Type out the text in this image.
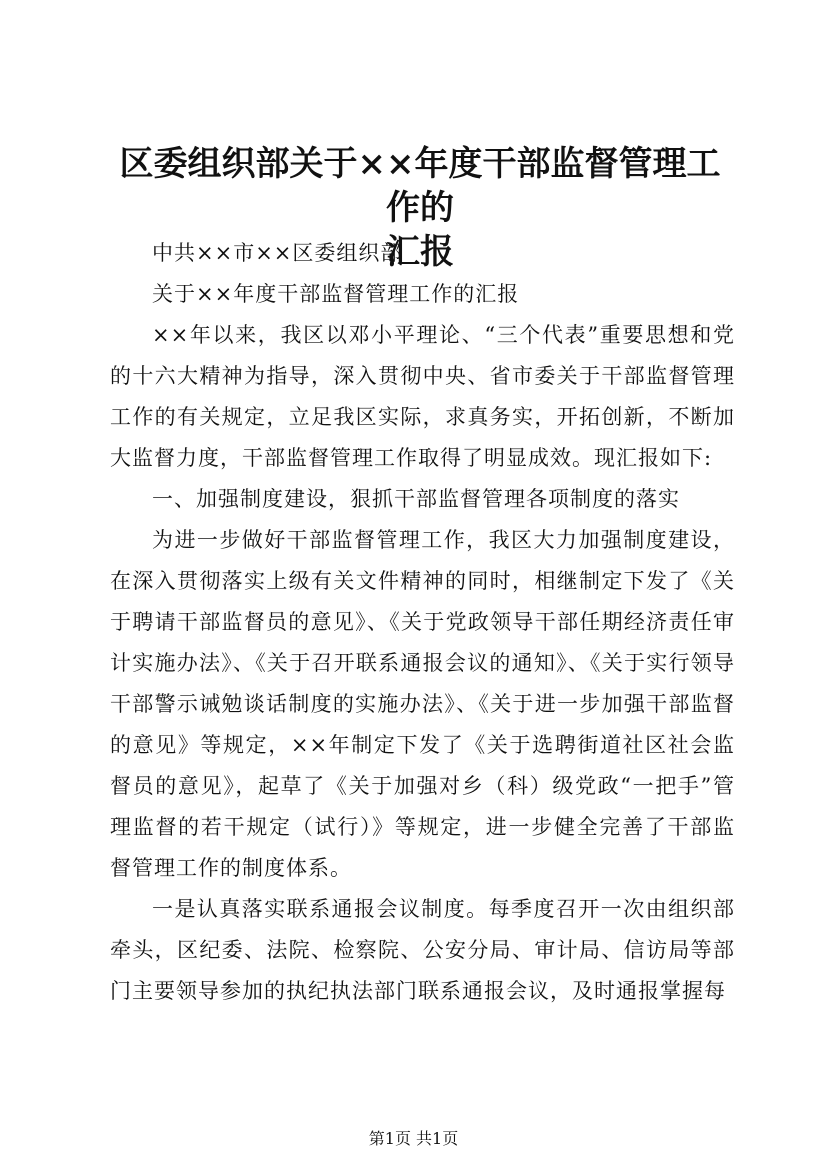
区委组织部关于××年度干部监督管理工作的
汇报

中共××市××区委组织部

关于××年度干部监督管理工作的汇报

××年以来，我区以邓小平理论、“三个代表”重要思想和党的十六大精神为指导，深入贯彻中央、省市委关于干部监督管理工作的有关规定，立足我区实际，求真务实，开拓创新，不断加大监督力度，干部监督管理工作取得了明显成效。现汇报如下:

一、加强制度建设，狠抓干部监督管理各项制度的落实

为进一步做好干部监督管理工作，我区大力加强制度建设，在深入贯彻落实上级有关文件精神的同时，相继制定下发了《关于聘请干部监督员的意见》、《关于党政领导干部任期经济责任审计实施办法》、《关于召开联系通报会议的通知》、《关于实行领导干部警示诫勉谈话制度的实施办法》、《关于进一步加强干部监督的意见》等规定，××年制定下发了《关于选聘街道社区社会监督员的意见》，起草了《关于加强对乡（科）级党政“一把手”管理监督的若干规定（试行）》等规定，进一步健全完善了干部监督管理工作的制度体系。

一是认真落实联系通报会议制度。每季度召开一次由组织部牵头，区纪委、法院、检察院、公安分局、审计局、信访局等部门主要领导参加的执纪执法部门联系通报会议，及时通报掌握每

第1页 共1页
